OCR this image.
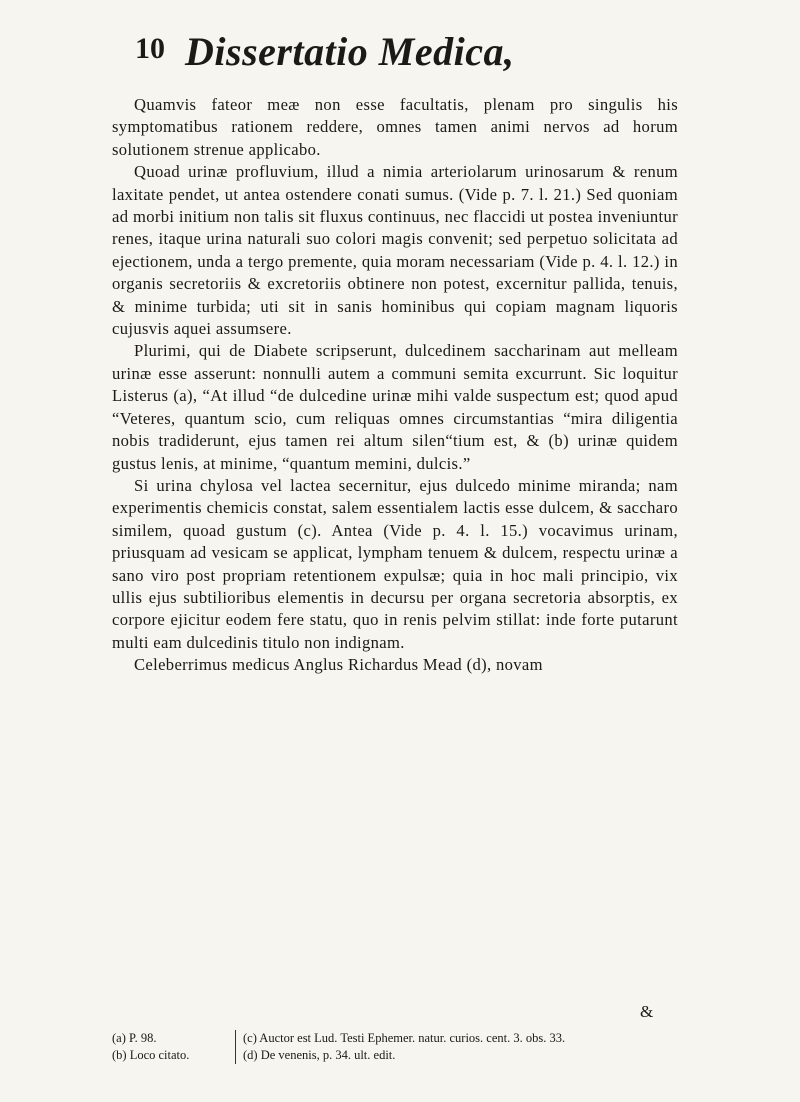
10 Dissertatio Medica,

Quamvis fateor meæ non esse facultatis, plenam pro singulis his symptomatibus rationem reddere, omnes tamen animi nervos ad horum solutionem strenue applicabo.

Quoad urinæ profluvium, illud a nimia arteriolarum urinosarum & renum laxitate pendet, ut antea ostendere conati sumus. (Vide p. 7. l. 21.) Sed quoniam ad morbi initium non talis sit fluxus continuus, nec flaccidi ut postea inveniuntur renes, itaque urina naturali suo colori magis convenit; sed perpetuo solicitata ad ejectionem, unda a tergo premente, quia moram necessariam (Vide p. 4. l. 12.) in organis secretoriis & excretoriis obtinere non potest, excernitur pallida, tenuis, & minime turbida; uti sit in sanis hominibus qui copiam magnam liquoris cujusvis aquei assumsere.

Plurimi, qui de Diabete scripserunt, dulcedinem saccharinam aut melleam urinæ esse asserunt: nonnulli autem a communi semita excurrunt. Sic loquitur Listerus (a), “At illud “de dulcedine urinæ mihi valde suspectum est; quod apud “Veteres, quantum scio, cum reliquas omnes circumstantias “mira diligentia nobis tradiderunt, ejus tamen rei altum silen“tium est, & (b) urinæ quidem gustus lenis, at minime, “quantum memini, dulcis.”

Si urina chylosa vel lactea secernitur, ejus dulcedo minime miranda; nam experimentis chemicis constat, salem essentialem lactis esse dulcem, & saccharo similem, quoad gustum (c). Antea (Vide p. 4. l. 15.) vocavimus urinam, priusquam ad vesicam se applicat, lympham tenuem & dulcem, respectu urinæ a sano viro post propriam retentionem expulsæ; quia in hoc mali principio, vix ullis ejus subtilioribus elementis in decursu per organa secretoria absorptis, ex corpore ejicitur eodem fere statu, quo in renis pelvim stillat: inde forte putarunt multi eam dulcedinis titulo non indignam.

Celeberrimus medicus Anglus Richardus Mead (d), novam

&
(a) P. 98.
(b) Loco citato.
(c) Auctor est Lud. Testi Ephemer. natur. curios. cent. 3. obs. 33.
(d) De venenis, p. 34. ult. edit.
